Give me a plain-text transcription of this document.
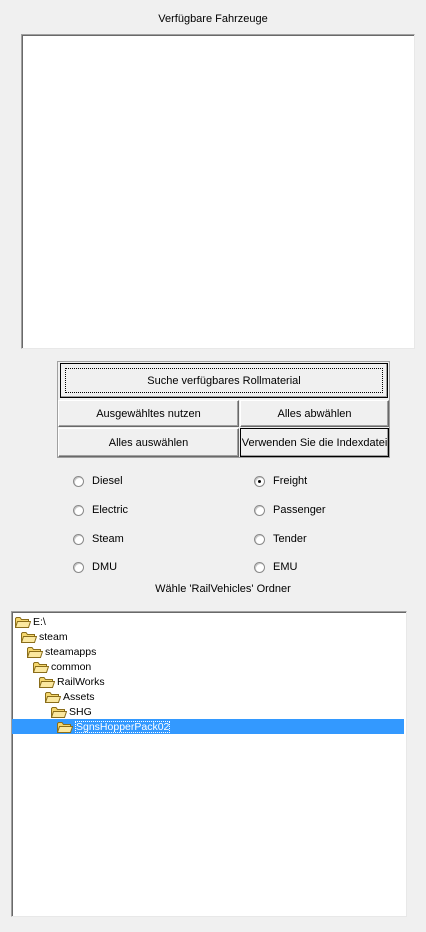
Verfügbare Fahrzeuge
Suche verfügbares Rollmaterial
Ausgewähltes nutzen	Alles abwählen
Alles auswählen	Verwenden Sie die Indexdatei
Diesel
Electric
Steam
DMU
Freight
Passenger
Tender
EMU
Wähle 'RailVehicles' Ordner
E:\
steam
steamapps
common
RailWorks
Assets
SHG
SgnsHopperPack02
